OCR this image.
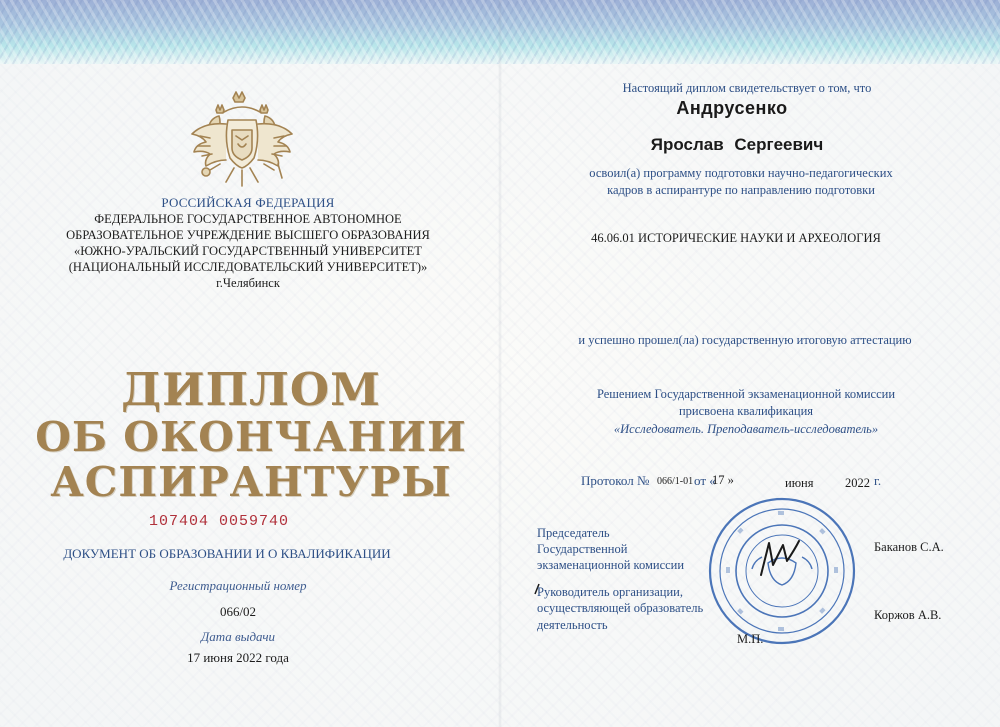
РОССИЙСКАЯ ФЕДЕРАЦИЯ
ФЕДЕРАЛЬНОЕ ГОСУДАРСТВЕННОЕ АВТОНОМНОЕ
ОБРАЗОВАТЕЛЬНОЕ УЧРЕЖДЕНИЕ ВЫСШЕГО ОБРАЗОВАНИЯ
«ЮЖНО-УРАЛЬСКИЙ ГОСУДАРСТВЕННЫЙ УНИВЕРСИТЕТ
(НАЦИОНАЛЬНЫЙ ИССЛЕДОВАТЕЛЬСКИЙ УНИВЕРСИТЕТ)»
г.Челябинск
ДИПЛОМ
ОБ ОКОНЧАНИИ
АСПИРАНТУРЫ
107404 0059740
ДОКУМЕНТ ОБ ОБРАЗОВАНИИ И О КВАЛИФИКАЦИИ
Регистрационный номер
066/02
Дата выдачи
17 июня 2022 года
Настоящий диплом свидетельствует о том, что
Андрусенко
Ярослав Сергеевич
освоил(а) программу подготовки научно-педагогических
кадров в аспирантуре по направлению подготовки
46.06.01 ИСТОРИЧЕСКИЕ НАУКИ И АРХЕОЛОГИЯ
и успешно прошел(ла) государственную итоговую аттестацию
Решением Государственной экзаменационной комиссии
присвоена квалификация
«Исследователь. Преподаватель-исследователь»
Протокол № 066/1-01 от «
17 »	июня	2022 г.
Председатель
Государственной
экзаменационной комиссии
Баканов С.А.
Руководитель организации,
осуществляющей образователь
деятельность
Коржов А.В.
М.П.
